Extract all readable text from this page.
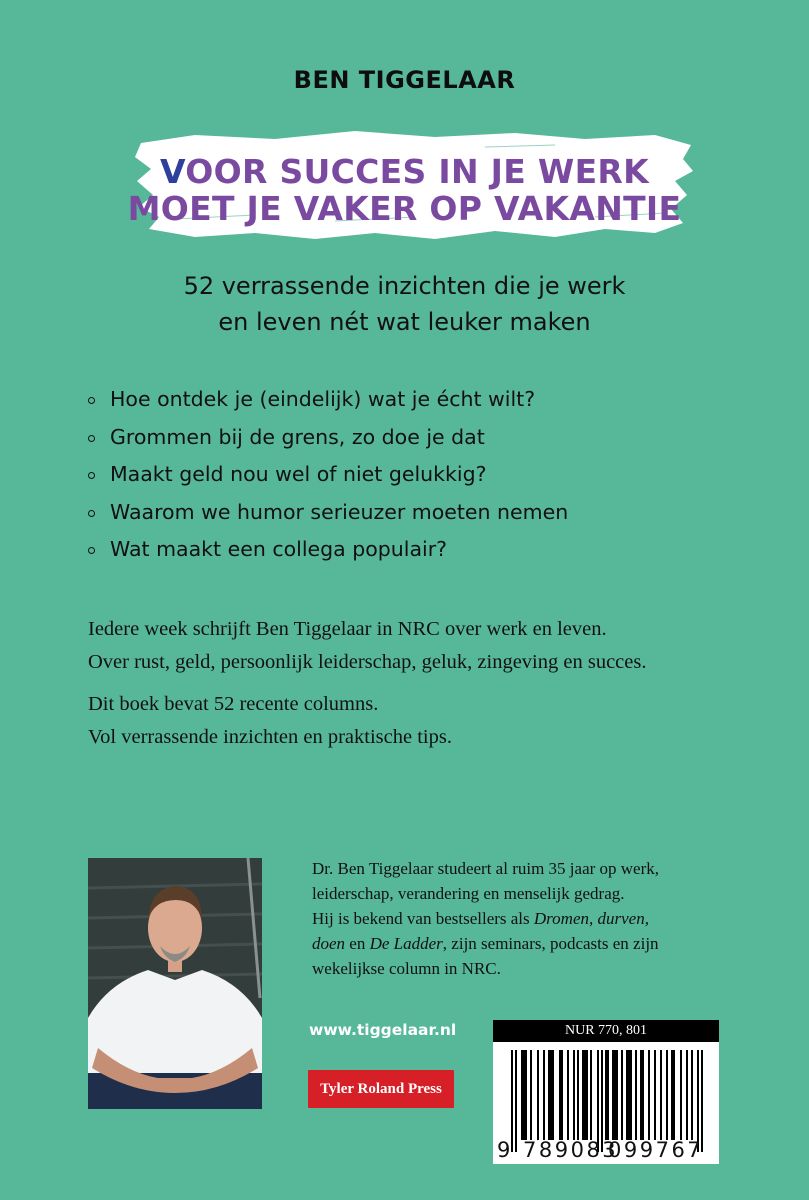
BEN TIGGELAAR
VOOR SUCCES IN JE WERK
MOET JE VAKER OP VAKANTIE
52 verrassende inzichten die je werk
en leven nét wat leuker maken
Hoe ontdek je (eindelijk) wat je écht wilt?
Grommen bij de grens, zo doe je dat
Maakt geld nou wel of niet gelukkig?
Waarom we humor serieuzer moeten nemen
Wat maakt een collega populair?
Iedere week schrijft Ben Tiggelaar in NRC over werk en leven.
Over rust, geld, persoonlijk leiderschap, geluk, zingeving en succes.
Dit boek bevat 52 recente columns.
Vol verrassende inzichten en praktische tips.
Dr. Ben Tiggelaar studeert al ruim 35 jaar op werk,
leiderschap, verandering en menselijk gedrag.
Hij is bekend van bestsellers als Dromen, durven,
doen en De Ladder, zijn seminars, podcasts en zijn
wekelijkse column in NRC.
www.tiggelaar.nl
Tyler Roland Press
NUR 770, 801
9 789083
099767
